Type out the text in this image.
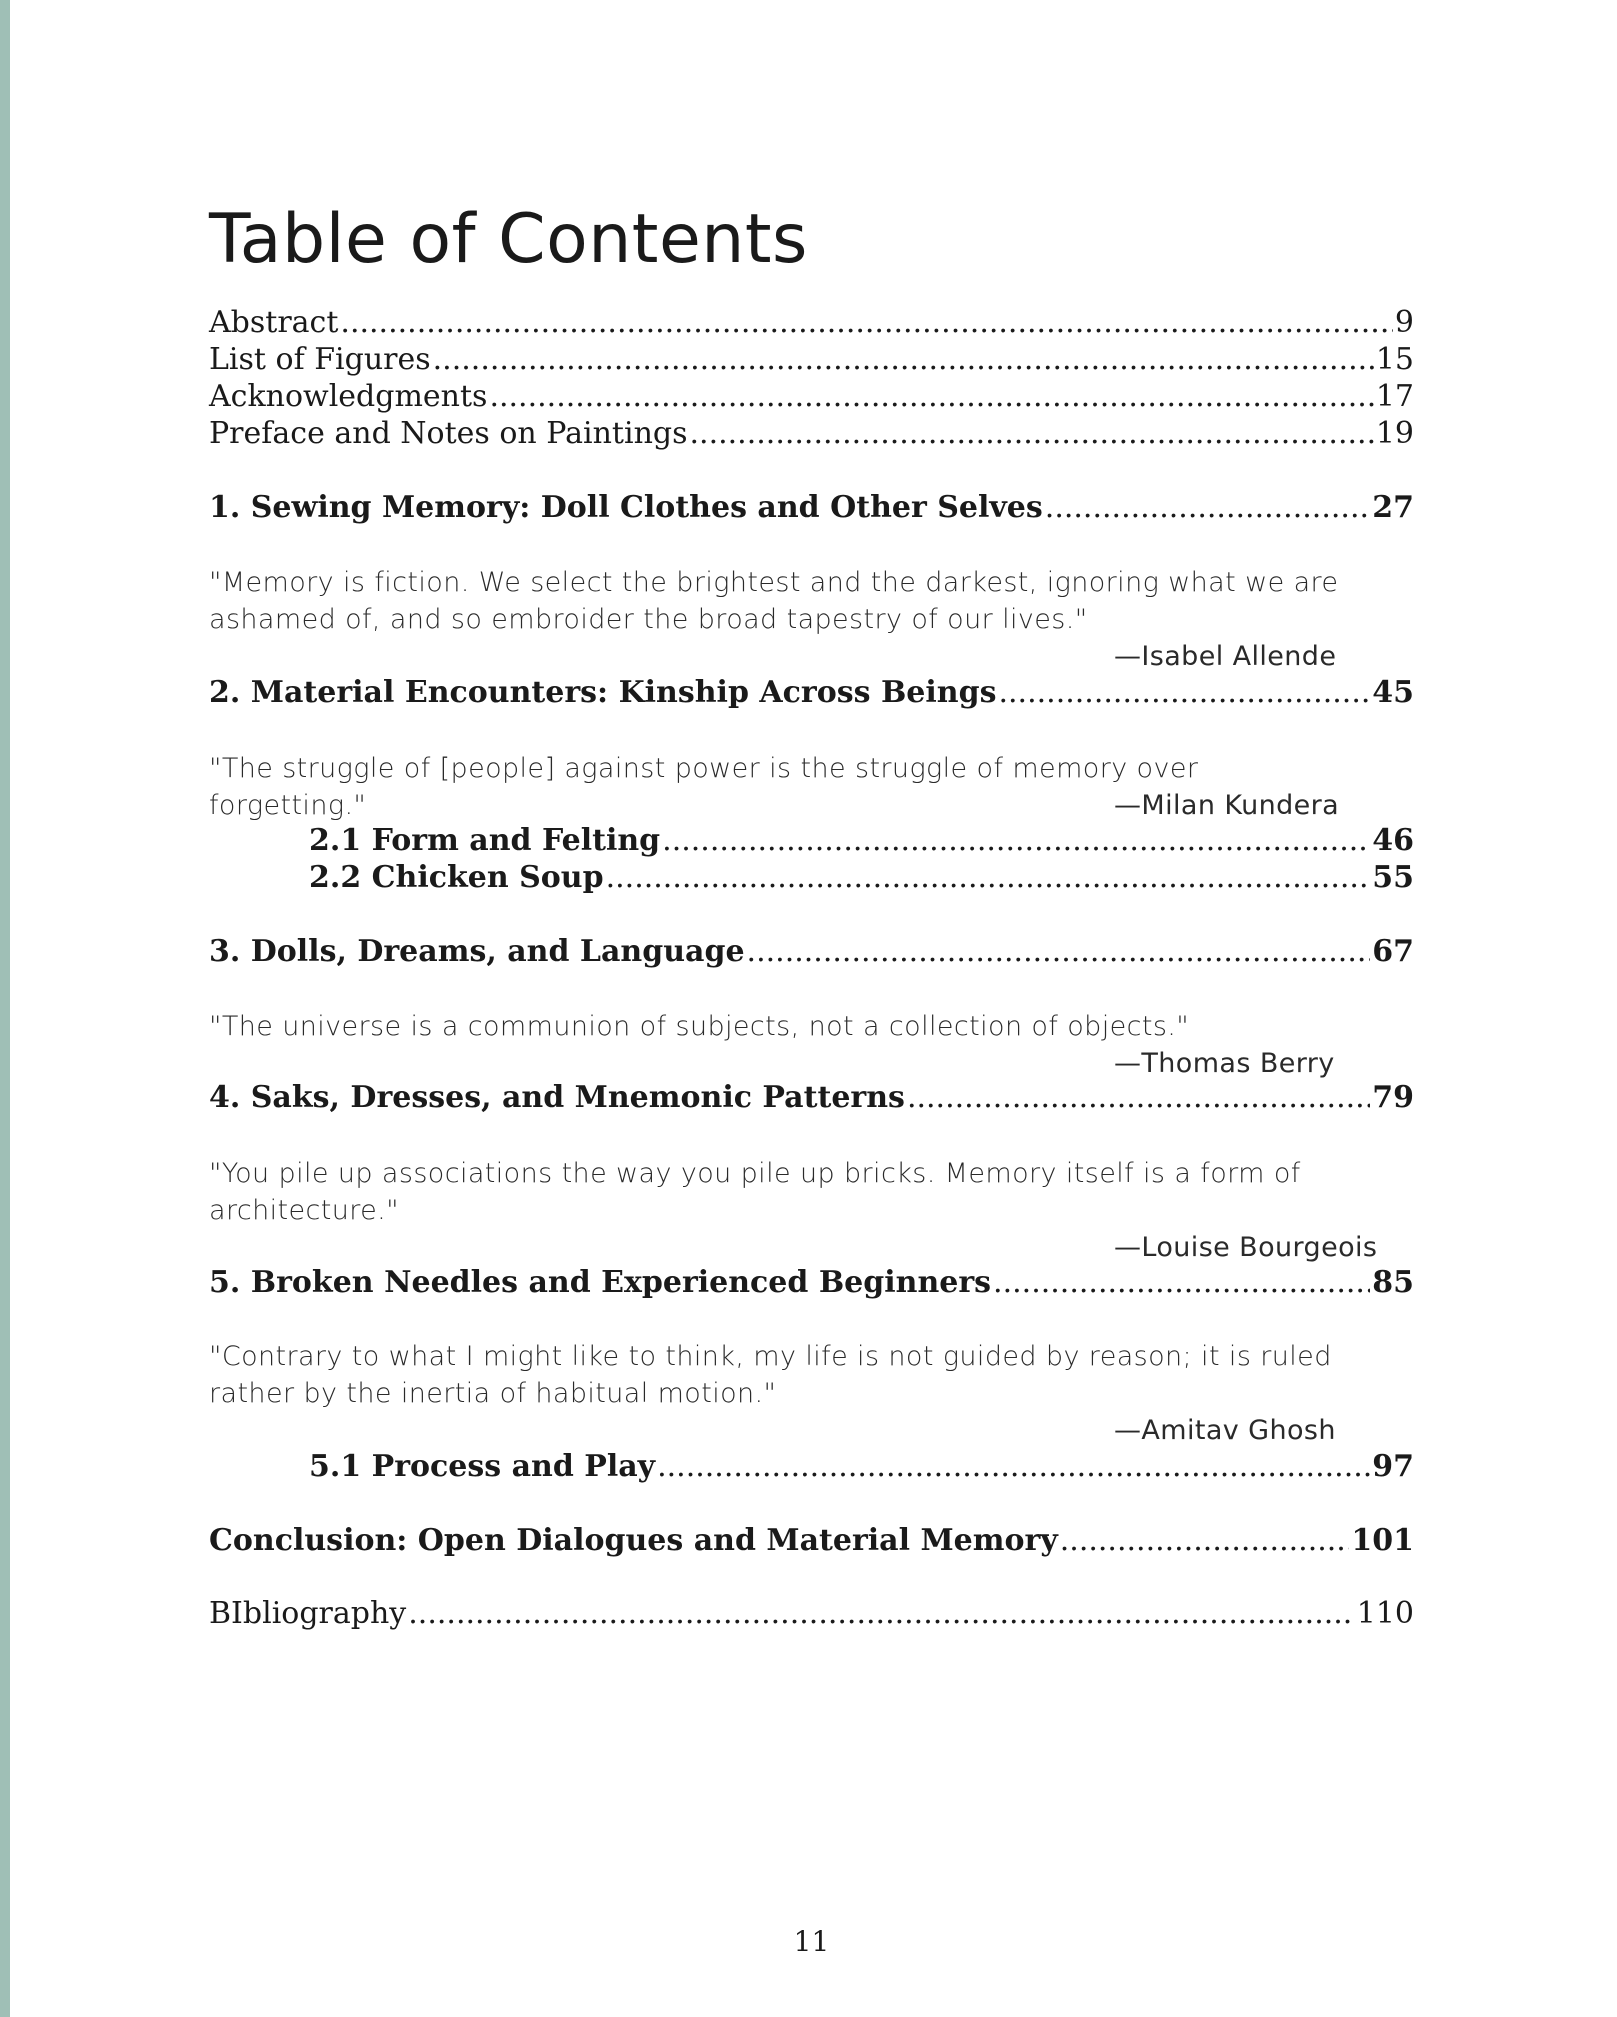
Table of Contents
Abstract .....	9
List of Figures .....	15
Acknowledgments .....	17
Preface and Notes on Paintings .....	19
1. Sewing Memory: Doll Clothes and Other Selves .....	27
"Memory is fiction. We select the brightest and the darkest, ignoring what we are ashamed of, and so embroider the broad tapestry of our lives."
—Isabel Allende
2. Material Encounters: Kinship Across Beings .....	45
"The struggle of [people] against power is the struggle of memory over forgetting."	—Milan Kundera
2.1 Form and Felting .....	46
2.2 Chicken Soup .....	55
3. Dolls, Dreams, and Language .....	67
"The universe is a communion of subjects, not a collection of objects."
—Thomas Berry
4. Saks, Dresses, and Mnemonic Patterns .....	79
"You pile up associations the way you pile up bricks. Memory itself is a form of architecture."
—Louise Bourgeois
5. Broken Needles and Experienced Beginners .....	85
"Contrary to what I might like to think, my life is not guided by reason; it is ruled rather by the inertia of habitual motion."
—Amitav Ghosh
5.1 Process and Play .....	97
Conclusion: Open Dialogues and Material Memory .....	101
BIbliography .....	110
11
